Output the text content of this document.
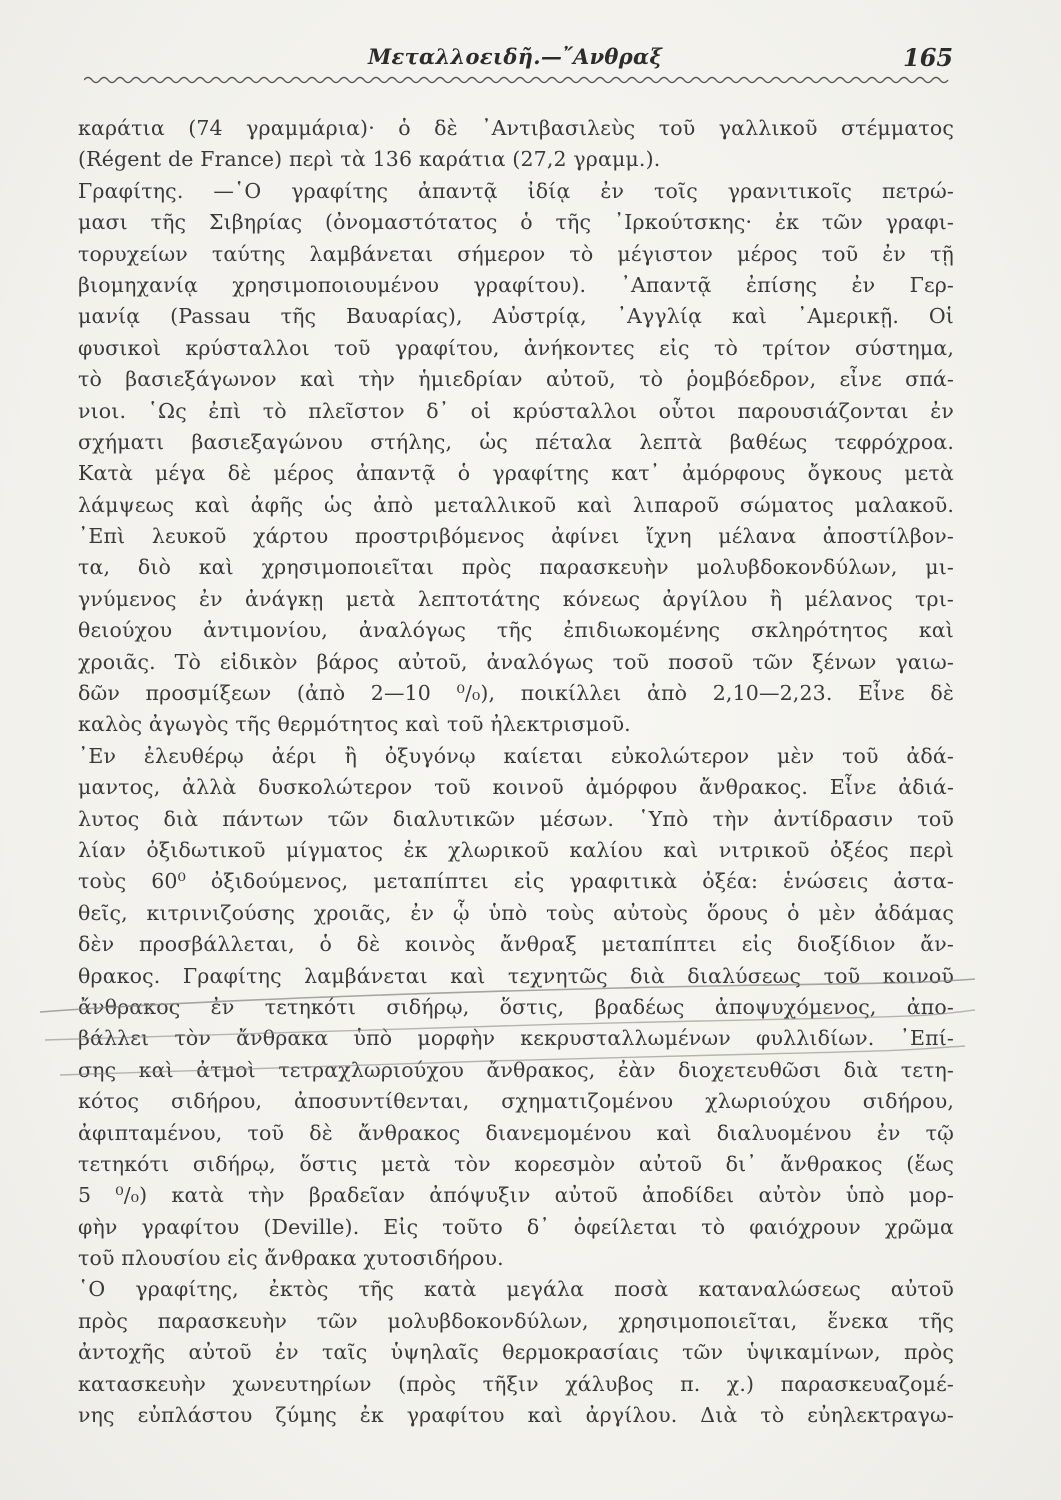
Μεταλλοειδῆ.—῎Ανθραξ	165
καράτια (74 γραμμάρια)· ὁ δὲ ᾿Αντιβασιλεὺς τοῦ γαλλικοῦ στέμματος
(Régent de France) περὶ τὰ 136 καράτια (27,2 γραμμ.).
Γραφίτης. —῾Ο γραφίτης ἀπαντᾷ ἰδίᾳ ἐν τοῖς γρανιτικοῖς πετρώ-
μασι τῆς Σιβηρίας (ὀνομαστότατος ὁ τῆς ᾿Ιρκούτσκης· ἐκ τῶν γραφι-
τορυχείων ταύτης λαμβάνεται σήμερον τὸ μέγιστον μέρος τοῦ ἐν τῇ
βιομηχανίᾳ χρησιμοποιουμένου γραφίτου). ᾿Απαντᾷ ἐπίσης ἐν Γερ-
μανίᾳ (Passau τῆς Βαυαρίας), Αὐστρίᾳ, ᾿Αγγλίᾳ καὶ ᾿Αμερικῇ. Οἱ
φυσικοὶ κρύσταλλοι τοῦ γραφίτου, ἀνήκοντες εἰς τὸ τρίτον σύστημα,
τὸ βασιεξάγωνον καὶ τὴν ἡμιεδρίαν αὐτοῦ, τὸ ῥομβόεδρον, εἶνε σπά-
νιοι. ῾Ως ἐπὶ τὸ πλεῖστον δ᾽ οἱ κρύσταλλοι οὗτοι παρουσιάζονται ἐν
σχήματι βασιεξαγώνου στήλης, ὡς πέταλα λεπτὰ βαθέως τεφρόχροα.
Κατὰ μέγα δὲ μέρος ἀπαντᾷ ὁ γραφίτης κατ᾽ ἀμόρφους ὄγκους μετὰ
λάμψεως καὶ ἀφῆς ὡς ἀπὸ μεταλλικοῦ καὶ λιπαροῦ σώματος μαλακοῦ.
᾿Επὶ λευκοῦ χάρτου προστριβόμενος ἀφίνει ἴχνη μέλανα ἀποστίλβον-
τα, διὸ καὶ χρησιμοποιεῖται πρὸς παρασκευὴν μολυβδοκονδύλων, μι-
γνύμενος ἐν ἀνάγκῃ μετὰ λεπτοτάτης κόνεως ἀργίλου ἢ μέλανος τρι-
θειούχου ἀντιμονίου, ἀναλόγως τῆς ἐπιδιωκομένης σκληρότητος καὶ
χροιᾶς. Τὸ εἰδικὸν βάρος αὐτοῦ, ἀναλόγως τοῦ ποσοῦ τῶν ξένων γαιω-
δῶν προσμίξεων (ἀπὸ 2—10 ⁰/₀), ποικίλλει ἀπὸ 2,10—2,23. Εἶνε δὲ
καλὸς ἀγωγὸς τῆς θερμότητος καὶ τοῦ ἠλεκτρισμοῦ.
᾿Εν ἐλευθέρῳ ἀέρι ἢ ὀξυγόνῳ καίεται εὐκολώτερον μὲν τοῦ ἀδά-
μαντος, ἀλλὰ δυσκολώτερον τοῦ κοινοῦ ἀμόρφου ἄνθρακος. Εἶνε ἀδιά-
λυτος διὰ πάντων τῶν διαλυτικῶν μέσων. ῾Υπὸ τὴν ἀντίδρασιν τοῦ
λίαν ὀξιδωτικοῦ μίγματος ἐκ χλωρικοῦ καλίου καὶ νιτρικοῦ ὀξέος περὶ
τοὺς 60⁰ ὀξιδούμενος, μεταπίπτει εἰς γραφιτικὰ ὀξέα: ἑνώσεις ἀστα-
θεῖς, κιτρινιζούσης χροιᾶς, ἐν ᾧ ὑπὸ τοὺς αὐτοὺς ὅρους ὁ μὲν ἀδάμας
δὲν προσβάλλεται, ὁ δὲ κοινὸς ἄνθραξ μεταπίπτει εἰς διοξίδιον ἄν-
θρακος. Γραφίτης λαμβάνεται καὶ τεχνητῶς διὰ διαλύσεως τοῦ κοινοῦ
ἄνθρακος ἐν τετηκότι σιδήρῳ, ὅστις, βραδέως ἀποψυχόμενος, ἀπο-
βάλλει τὸν ἄνθρακα ὑπὸ μορφὴν κεκρυσταλλωμένων φυλλιδίων. ᾿Επί-
σης καὶ ἀτμοὶ τετραχλωριούχου ἄνθρακος, ἐὰν διοχετευθῶσι διὰ τετη-
κότος σιδήρου, ἀποσυντίθενται, σχηματιζομένου χλωριούχου σιδήρου,
ἀφιπταμένου, τοῦ δὲ ἄνθρακος διανεμομένου καὶ διαλυομένου ἐν τῷ
τετηκότι σιδήρῳ, ὅστις μετὰ τὸν κορεσμὸν αὐτοῦ δι᾽ ἄνθρακος (ἕως
5 ⁰/₀) κατὰ τὴν βραδεῖαν ἀπόψυξιν αὐτοῦ ἀποδίδει αὐτὸν ὑπὸ μορ-
φὴν γραφίτου (Deville). Εἰς τοῦτο δ᾽ ὀφείλεται τὸ φαιόχρουν χρῶμα
τοῦ πλουσίου εἰς ἄνθρακα χυτοσιδήρου.
῾Ο γραφίτης, ἐκτὸς τῆς κατὰ μεγάλα ποσὰ καταναλώσεως αὐτοῦ
πρὸς παρασκευὴν τῶν μολυβδοκονδύλων, χρησιμοποιεῖται, ἕνεκα τῆς
ἀντοχῆς αὐτοῦ ἐν ταῖς ὑψηλαῖς θερμοκρασίαις τῶν ὑψικαμίνων, πρὸς
κατασκευὴν χωνευτηρίων (πρὸς τῆξιν χάλυβος π. χ.) παρασκευαζομέ-
νης εὐπλάστου ζύμης ἐκ γραφίτου καὶ ἀργίλου. Διὰ τὸ εὐηλεκτραγω-
